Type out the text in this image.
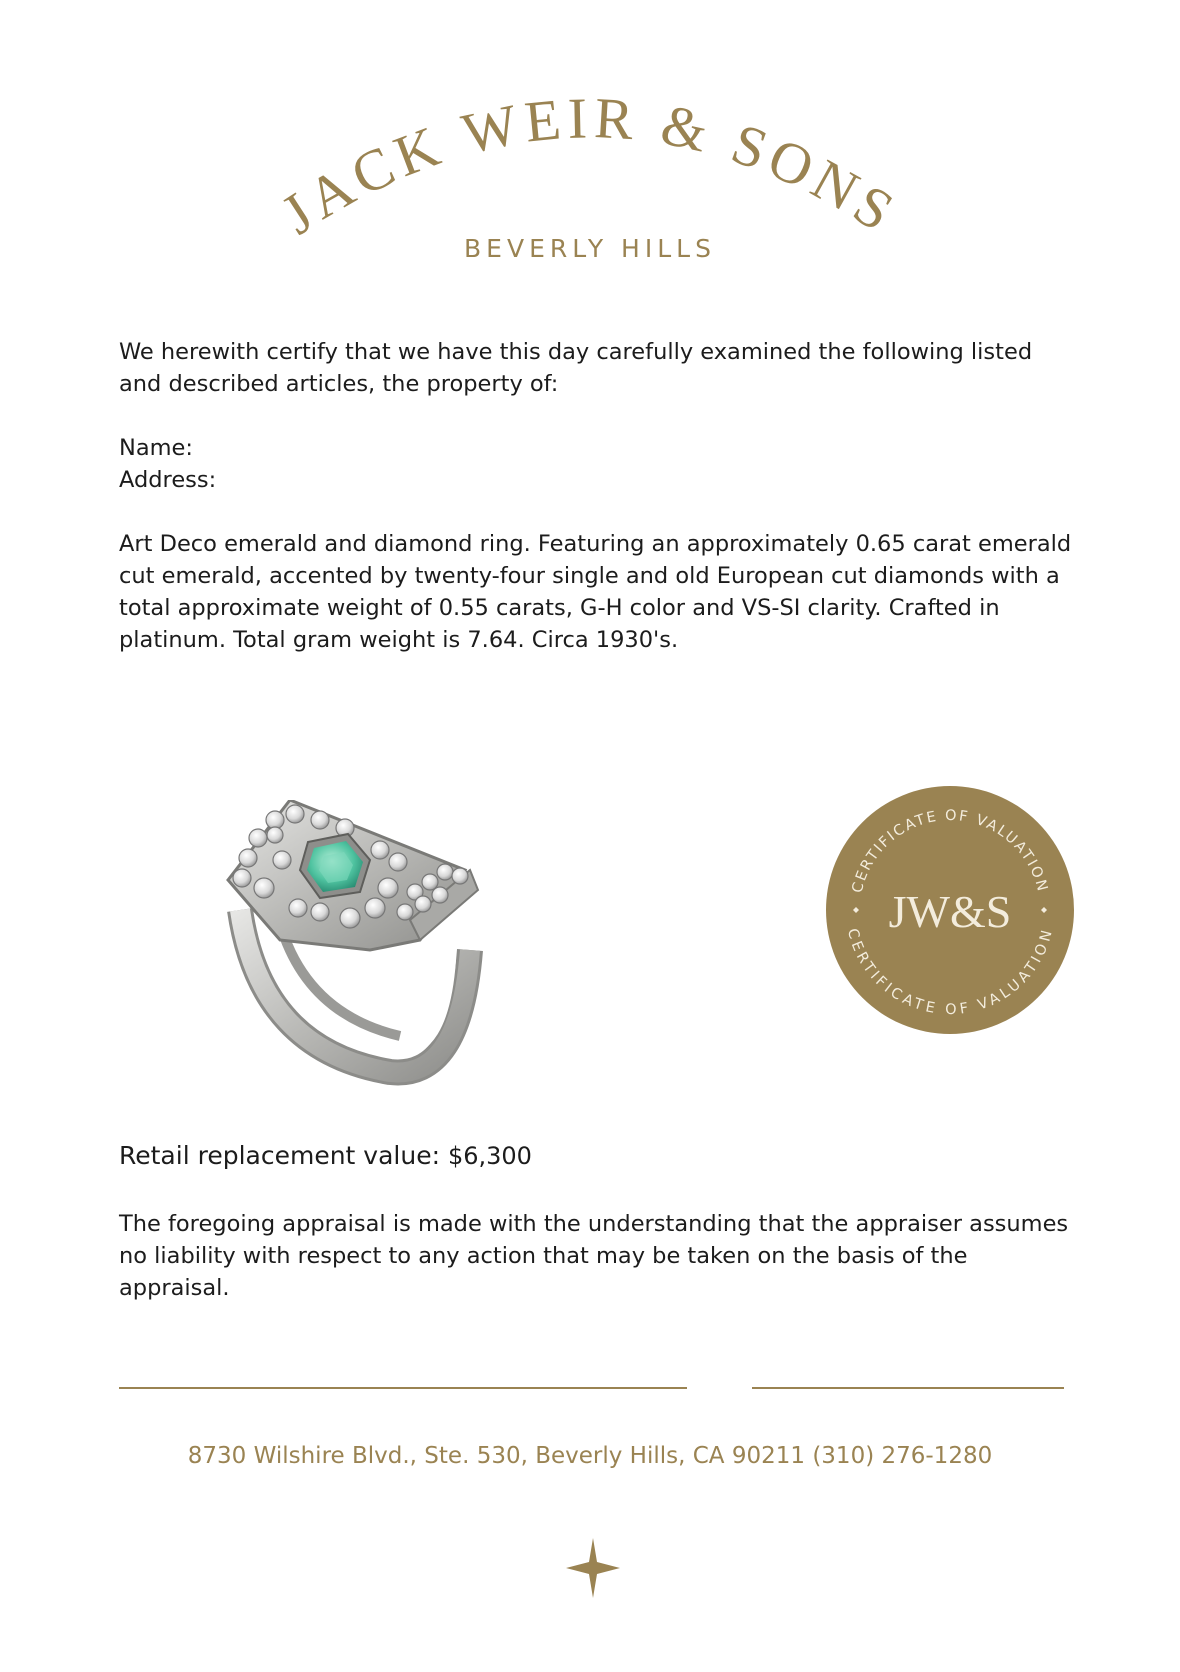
JACK WEIR & SONS
BEVERLY HILLS
We herewith certify that we have this day carefully examined the following listed and described articles, the property of:
Name:
Address:
Art Deco emerald and diamond ring. Featuring an approximately 0.65 carat emerald cut emerald, accented by twenty-four single and old European cut diamonds with a total approximate weight of 0.55 carats, G-H color and VS-SI clarity. Crafted in platinum. Total gram weight is 7.64. Circa 1930's.
CERTIFICATE OF VALUATION
CERTIFICATE OF VALUATION
JW&S
Retail replacement value: $6,300
The foregoing appraisal is made with the understanding that the appraiser assumes no liability with respect to any action that may be taken on the basis of the appraisal.
8730 Wilshire Blvd., Ste. 530, Beverly Hills, CA 90211 (310) 276-1280
